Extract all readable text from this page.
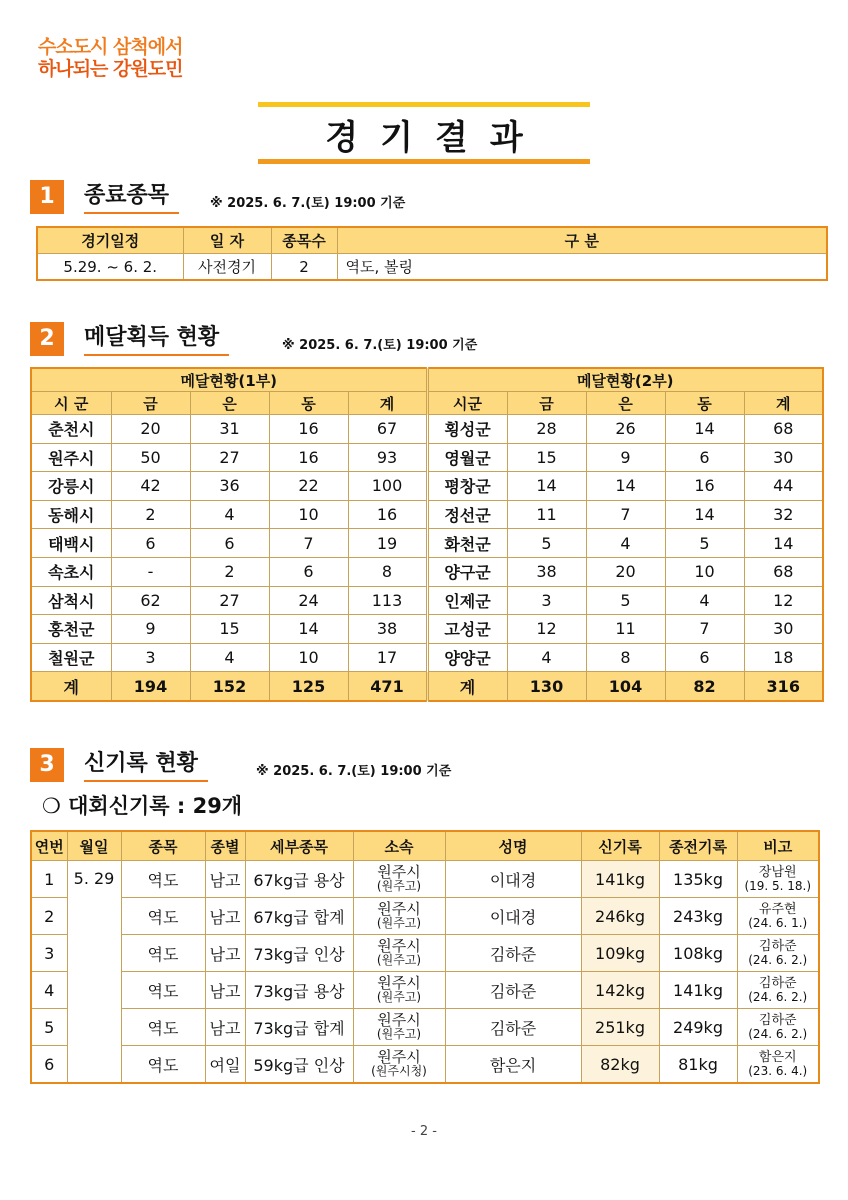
수소도시 삼척에서
하나되는 강원도민
경기결과
1	종료종목	※ 2025. 6. 7.(토) 19:00 기준
경기일정	일 자	종목수	구 분
5.29. ~ 6. 2.	사전경기	2	역도, 볼링
2	메달획득 현황	※ 2025. 6. 7.(토) 19:00 기준
메달현황(1부)					메달현황(2부)				
시 군	금	은	동	계	시군	금	은	동	계
춘천시	20	31	16	67	횡성군	28	26	14	68
원주시	50	27	16	93	영월군	15	9	6	30
강릉시	42	36	22	100	평창군	14	14	16	44
동해시	2	4	10	16	정선군	11	7	14	32
태백시	6	6	7	19	화천군	5	4	5	14
속초시	-	2	6	8	양구군	38	20	10	68
삼척시	62	27	24	113	인제군	3	5	4	12
홍천군	9	15	14	38	고성군	12	11	7	30
철원군	3	4	10	17	양양군	4	8	6	18
계	194	152	125	471	계	130	104	82	316
3	신기록 현황	※ 2025. 6. 7.(토) 19:00 기준
❍ 대회신기록 : 29개
연번	월일	종목	종별	세부종목	소속	성명	신기록	종전기록	비고
1	5. 29	역도	남고	67kg급 용상	원주시
(원주고)	이대경	141kg	135kg	장남원
(19. 5. 18.)

2		역도	남고	67kg급 합계	원주시
(원주고)	이대경	246kg	243kg	유주현
(24. 6. 1.)

3		역도	남고	73kg급 인상	원주시
(원주고)	김하준	109kg	108kg	김하준
(24. 6. 2.)

4		역도	남고	73kg급 용상	원주시
(원주고)	김하준	142kg	141kg	김하준
(24. 6. 2.)

5		역도	남고	73kg급 합계	원주시
(원주고)	김하준	251kg	249kg	김하준
(24. 6. 2.)

6		역도	여일	59kg급 인상	원주시
(원주시청)	함은지	82kg	81kg	함은지
(23. 6. 4.)
- 2 -
